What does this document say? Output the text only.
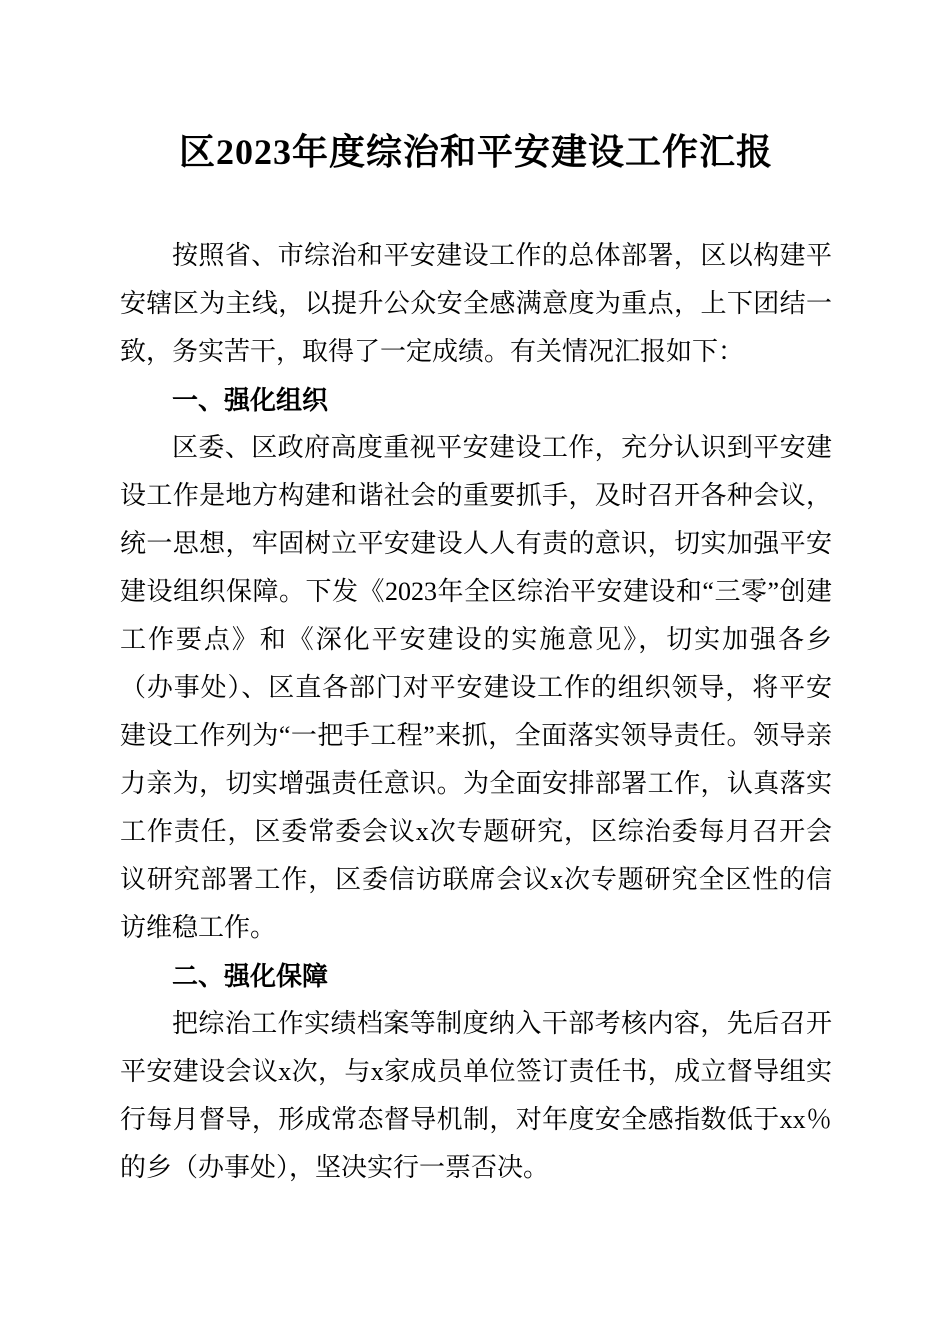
区2023年度综治和平安建设工作汇报

按照省、市综治和平安建设工作的总体部署，区以构建平安辖区为主线，以提升公众安全感满意度为重点，上下团结一致，务实苦干，取得了一定成绩。有关情况汇报如下：

一、强化组织

区委、区政府高度重视平安建设工作，充分认识到平安建设工作是地方构建和谐社会的重要抓手，及时召开各种会议，统一思想，牢固树立平安建设人人有责的意识，切实加强平安建设组织保障。下发《2023年全区综治平安建设和“三零”创建工作要点》和《深化平安建设的实施意见》，切实加强各乡（办事处）、区直各部门对平安建设工作的组织领导，将平安建设工作列为“一把手工程”来抓，全面落实领导责任。领导亲力亲为，切实增强责任意识。为全面安排部署工作，认真落实工作责任，区委常委会议x次专题研究，区综治委每月召开会议研究部署工作，区委信访联席会议x次专题研究全区性的信访维稳工作。

二、强化保障

把综治工作实绩档案等制度纳入干部考核内容，先后召开平安建设会议x次，与x家成员单位签订责任书，成立督导组实行每月督导，形成常态督导机制，对年度安全感指数低于xx％的乡（办事处），坚决实行一票否决。
